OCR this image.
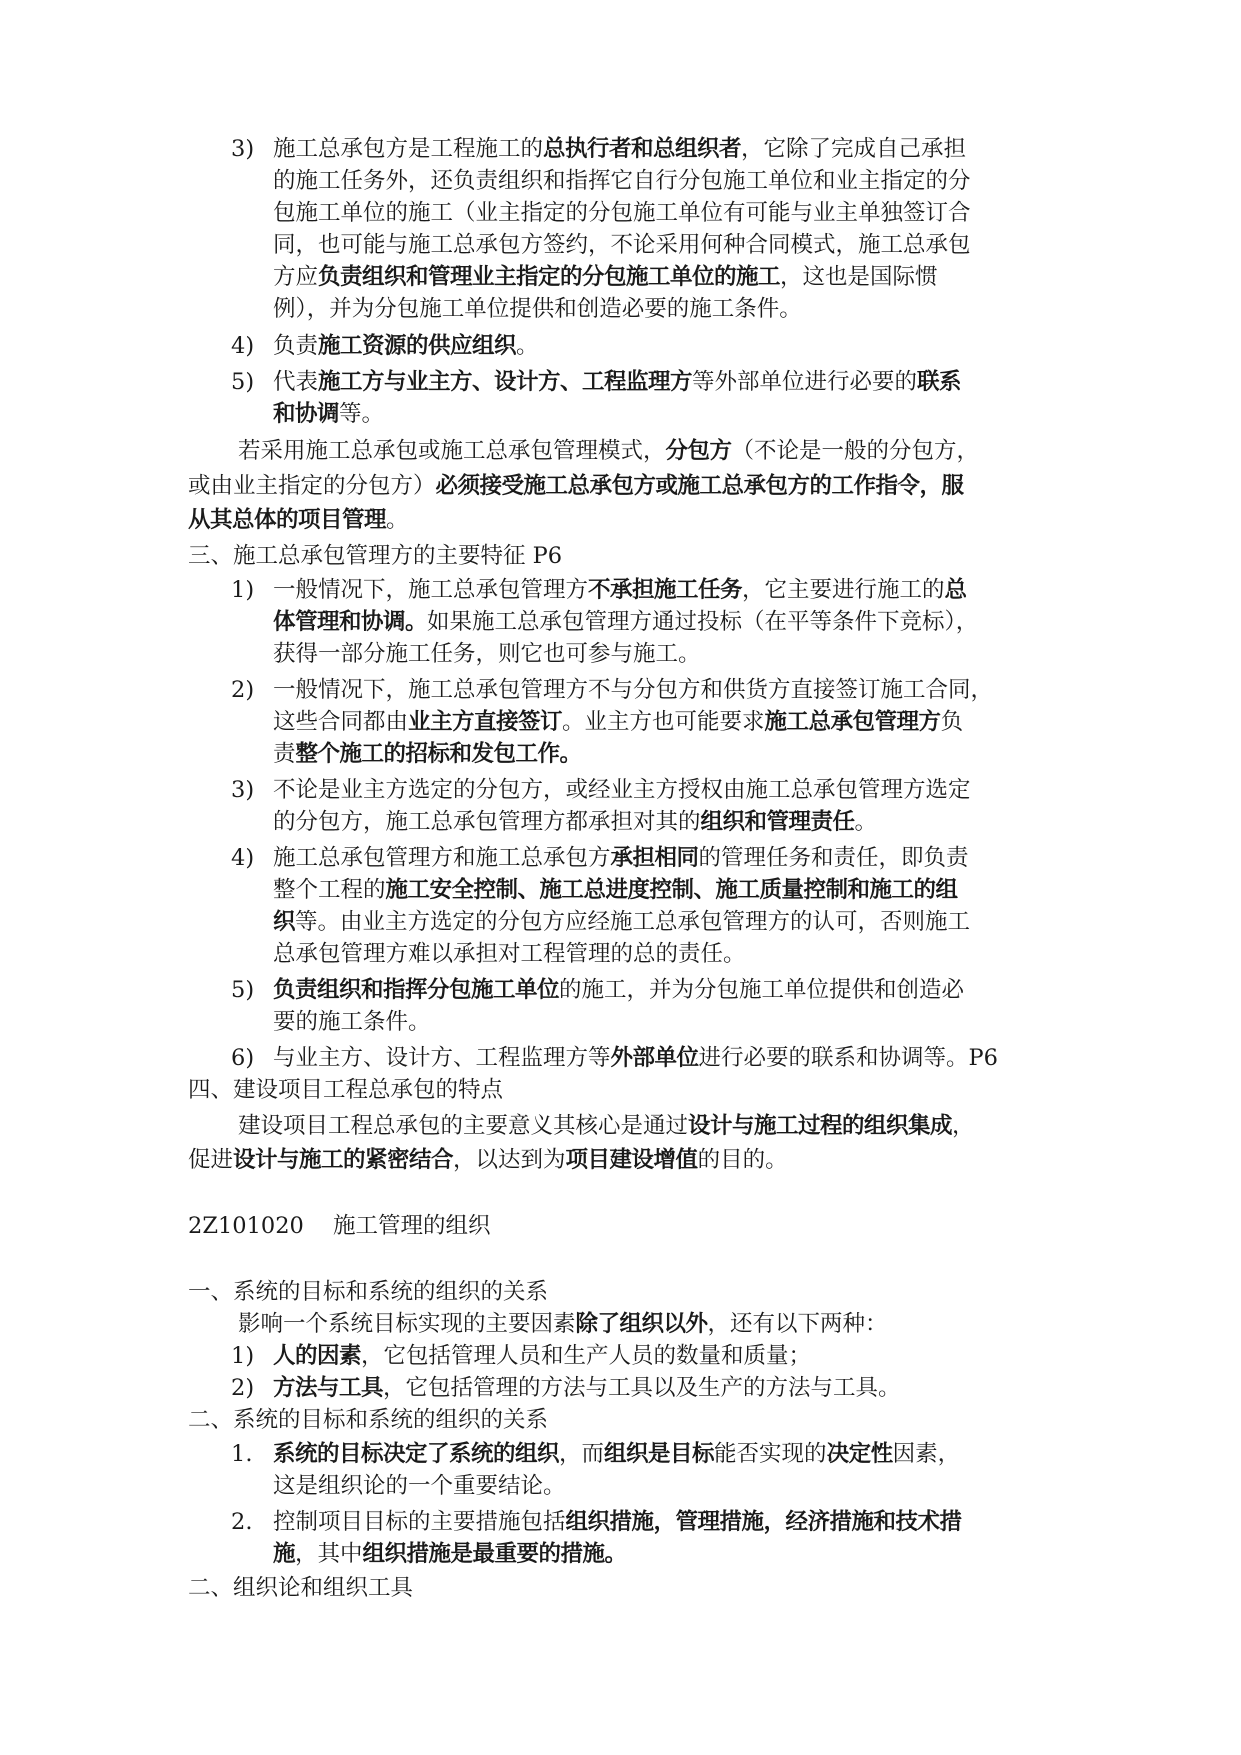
3) 施工总承包方是工程施工的总执行者和总组织者，它除了完成自己承担
的施工任务外，还负责组织和指挥它自行分包施工单位和业主指定的分
包施工单位的施工（业主指定的分包施工单位有可能与业主单独签订合
同，也可能与施工总承包方签约，不论采用何种合同模式，施工总承包
方应负责组织和管理业主指定的分包施工单位的施工，这也是国际惯
例），并为分包施工单位提供和创造必要的施工条件。
4) 负责施工资源的供应组织。
5) 代表施工方与业主方、设计方、工程监理方等外部单位进行必要的联系
和协调等。
若采用施工总承包或施工总承包管理模式，分包方（不论是一般的分包方，
或由业主指定的分包方）必须接受施工总承包方或施工总承包方的工作指令，服
从其总体的项目管理。
三、施工总承包管理方的主要特征 P6
1) 一般情况下，施工总承包管理方不承担施工任务，它主要进行施工的总
体管理和协调。如果施工总承包管理方通过投标（在平等条件下竞标），
获得一部分施工任务，则它也可参与施工。
2) 一般情况下，施工总承包管理方不与分包方和供货方直接签订施工合同，
这些合同都由业主方直接签订。业主方也可能要求施工总承包管理方负
责整个施工的招标和发包工作。
3) 不论是业主方选定的分包方，或经业主方授权由施工总承包管理方选定
的分包方，施工总承包管理方都承担对其的组织和管理责任。
4) 施工总承包管理方和施工总承包方承担相同的管理任务和责任，即负责
整个工程的施工安全控制、施工总进度控制、施工质量控制和施工的组
织等。由业主方选定的分包方应经施工总承包管理方的认可，否则施工
总承包管理方难以承担对工程管理的总的责任。
5) 负责组织和指挥分包施工单位的施工，并为分包施工单位提供和创造必
要的施工条件。
6) 与业主方、设计方、工程监理方等外部单位进行必要的联系和协调等。P6
四、建设项目工程总承包的特点
建设项目工程总承包的主要意义其核心是通过设计与施工过程的组织集成，
促进设计与施工的紧密结合，以达到为项目建设增值的目的。
2Z101020 施工管理的组织
一、系统的目标和系统的组织的关系
影响一个系统目标实现的主要因素除了组织以外，还有以下两种：
1) 人的因素，它包括管理人员和生产人员的数量和质量；
2) 方法与工具，它包括管理的方法与工具以及生产的方法与工具。
二、系统的目标和系统的组织的关系
1. 系统的目标决定了系统的组织，而组织是目标能否实现的决定性因素，
这是组织论的一个重要结论。
2. 控制项目目标的主要措施包括组织措施，管理措施，经济措施和技术措
施，其中组织措施是最重要的措施。
二、组织论和组织工具
